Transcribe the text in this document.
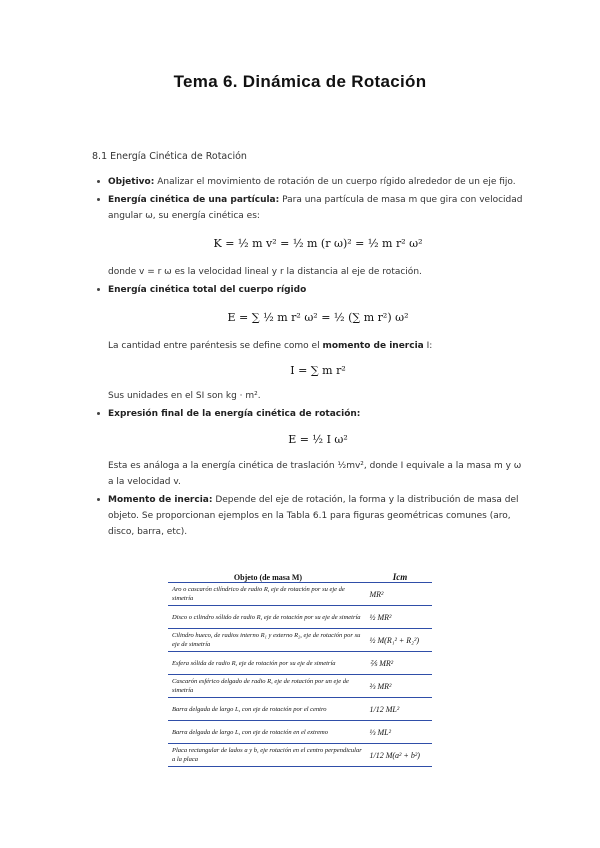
Tema 6. Dinámica de Rotación
8.1 Energía Cinética de Rotación
Objetivo: Analizar el movimiento de rotación de un cuerpo rígido alrededor de un eje fijo.
Energía cinética de una partícula: Para una partícula de masa m que gira con velocidad angular ω, su energía cinética es:
K = ½ m v² = ½ m (r ω)² = ½ m r² ω²
donde v = r ω es la velocidad lineal y r la distancia al eje de rotación.
Energía cinética total del cuerpo rígido
E = ∑ ½ m r² ω² = ½ (∑ m r²) ω²
La cantidad entre paréntesis se define como el momento de inercia I:
I = ∑ m r²
Sus unidades en el SI son kg · m².
Expresión final de la energía cinética de rotación:
E = ½ I ω²
Esta es análoga a la energía cinética de traslación ½mv², donde I equivale a la masa m y ω a la velocidad v.
Momento de inercia: Depende del eje de rotación, la forma y la distribución de masa del objeto. Se proporcionan ejemplos en la Tabla 6.1 para figuras geométricas comunes (aro, disco, barra, etc).
Objeto (de masa M)	Icm
Aro o cascarón cilíndrico de radio R, eje de rotación por su eje de simetría	MR²
Disco o cilindro sólido de radio R, eje de rotación por su eje de simetría	½ MR²
Cilindro hueco, de radios interno R₁ y externo R₂, eje de rotación por su eje de simetría	½ M(R₁² + R₂²)
Esfera sólida de radio R, eje de rotación por su eje de simetría	⅖ MR²
Cascarón esférico delgado de radio R, eje de rotación por un eje de simetría	⅔ MR²
Barra delgada de largo L, con eje de rotación por el centro	1/12 ML²
Barra delgada de largo L, con eje de rotación en el extremo	⅓ ML²
Placa rectangular de lados a y b, eje rotación en el centro perpendicular a la placa	1/12 M(a² + b²)
